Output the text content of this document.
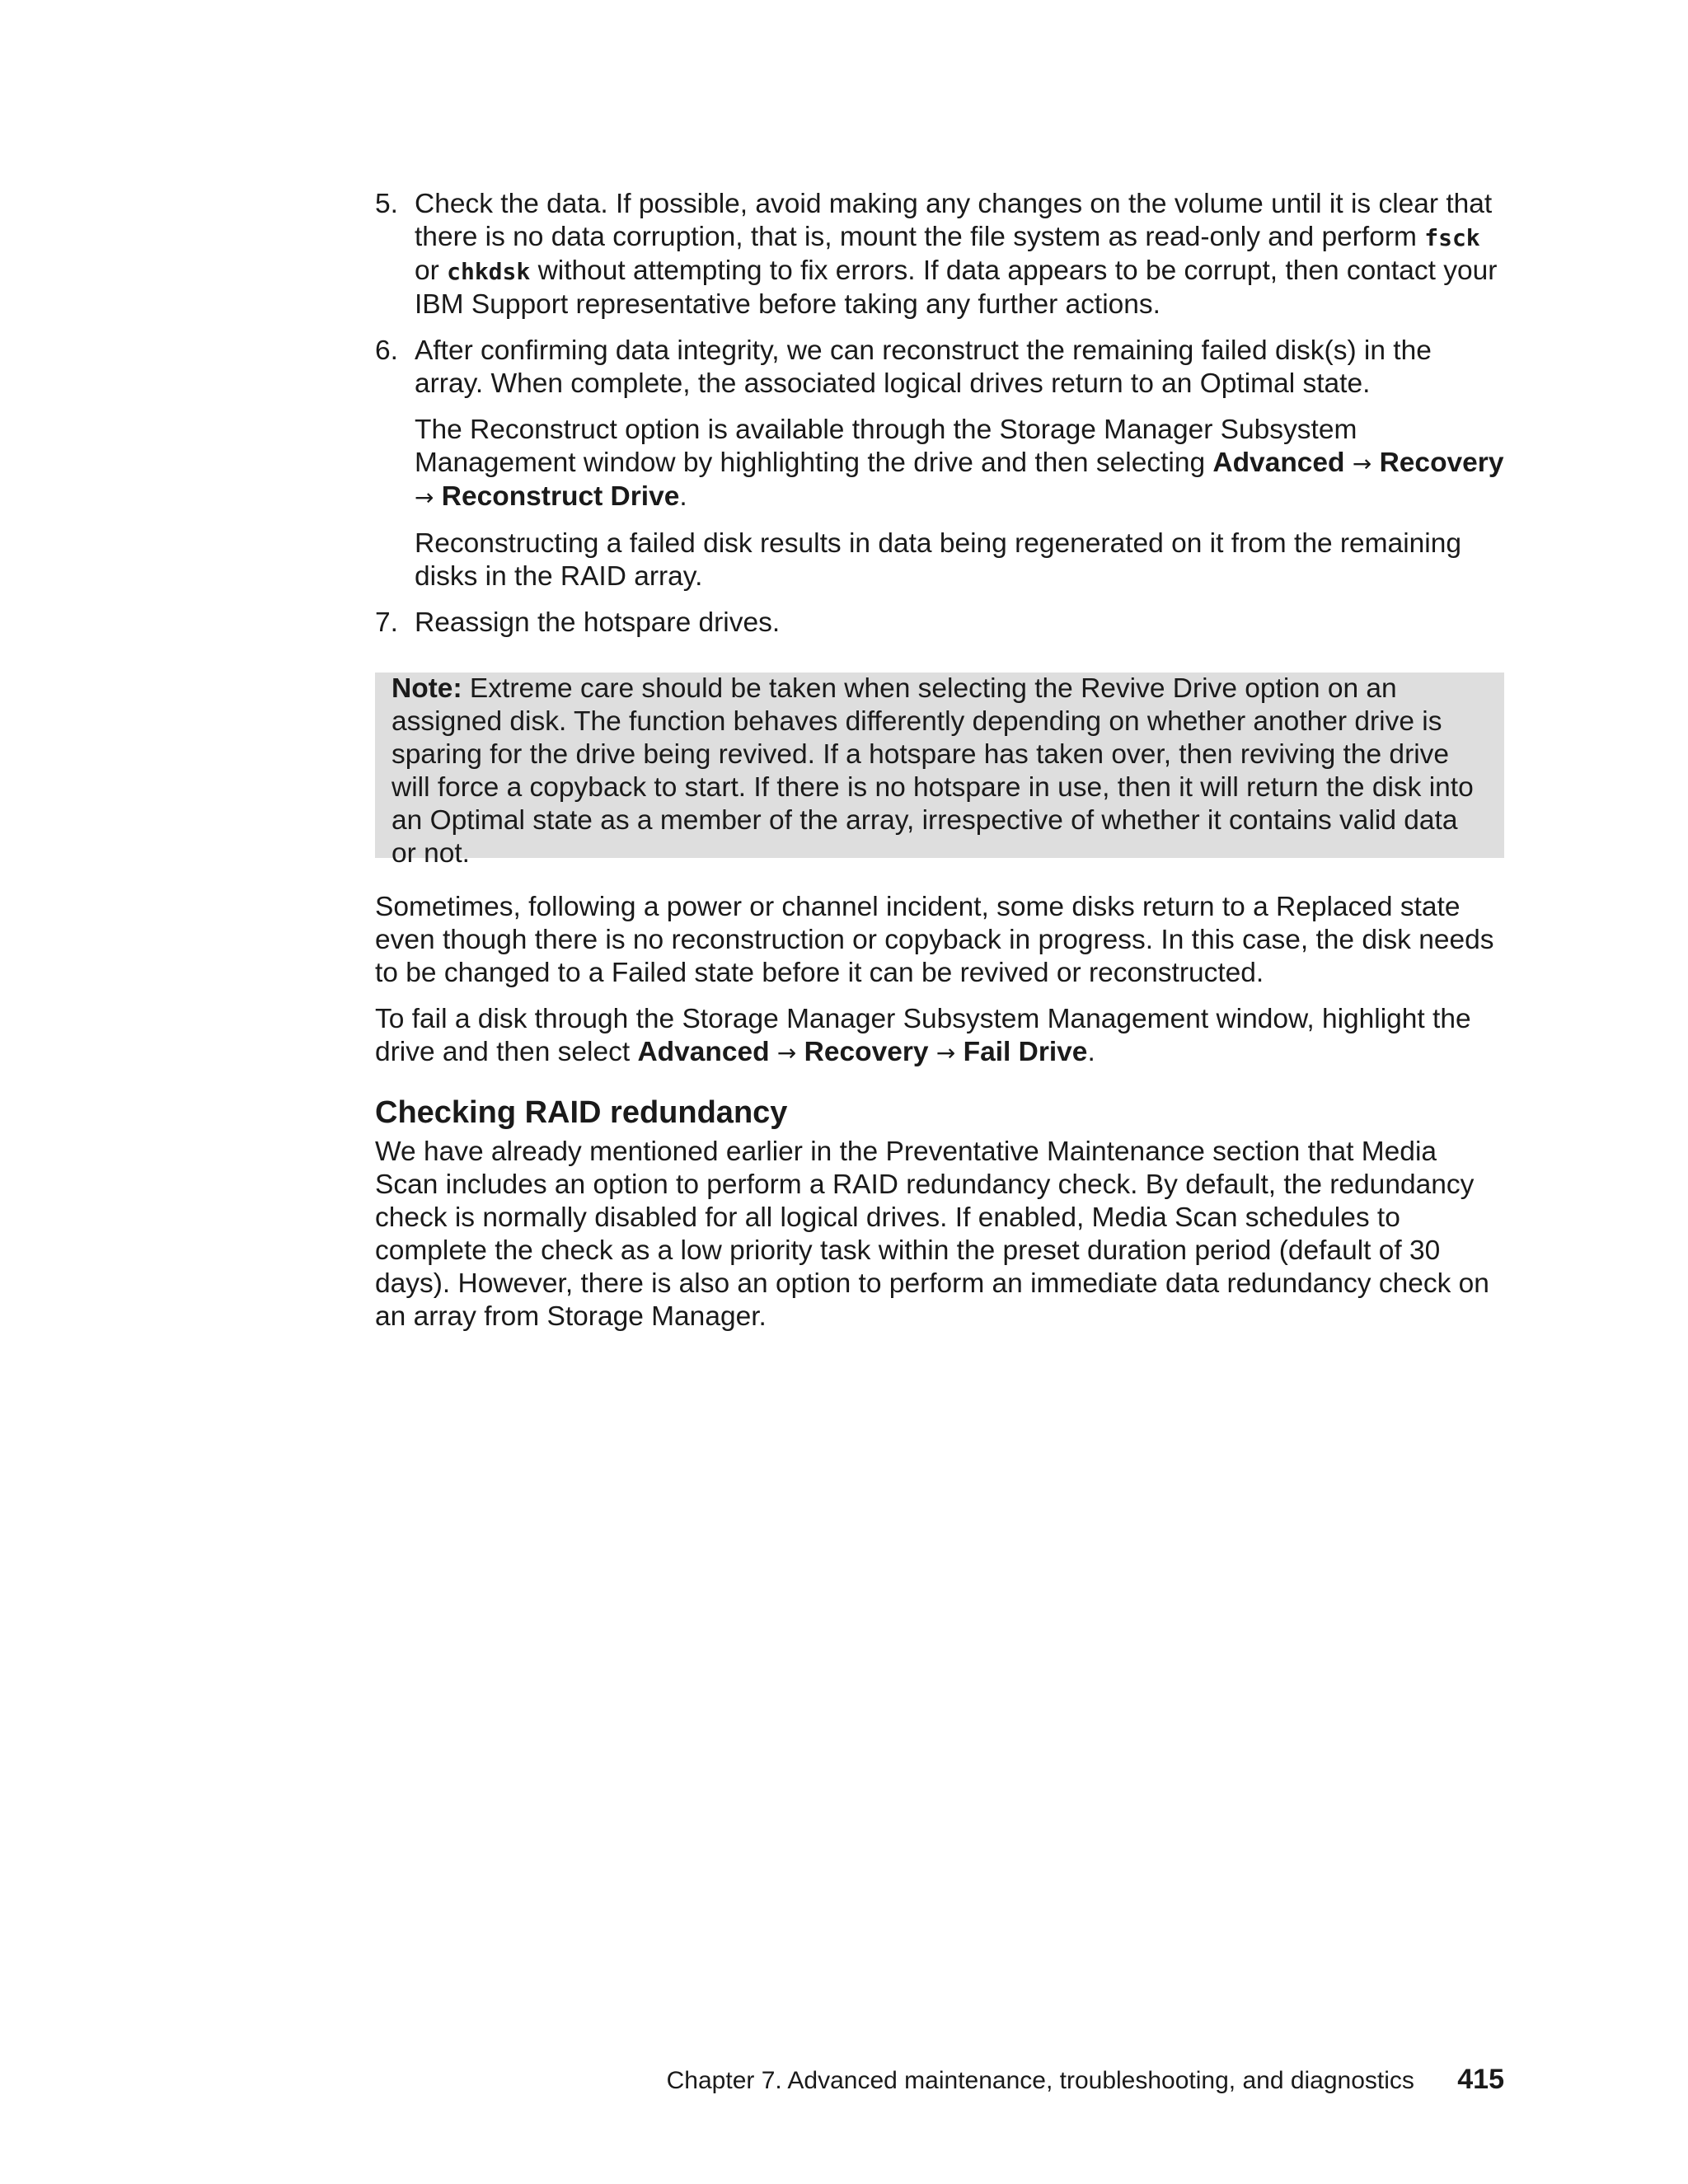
5. Check the data. If possible, avoid making any changes on the volume until it is clear that there is no data corruption, that is, mount the file system as read-only and perform fsck or chkdsk without attempting to fix errors. If data appears to be corrupt, then contact your IBM Support representative before taking any further actions.

6. After confirming data integrity, we can reconstruct the remaining failed disk(s) in the array. When complete, the associated logical drives return to an Optimal state.

The Reconstruct option is available through the Storage Manager Subsystem Management window by highlighting the drive and then selecting Advanced → Recovery → Reconstruct Drive.

Reconstructing a failed disk results in data being regenerated on it from the remaining disks in the RAID array.

7. Reassign the hotspare drives.

Note: Extreme care should be taken when selecting the Revive Drive option on an assigned disk. The function behaves differently depending on whether another drive is sparing for the drive being revived. If a hotspare has taken over, then reviving the drive will force a copyback to start. If there is no hotspare in use, then it will return the disk into an Optimal state as a member of the array, irrespective of whether it contains valid data or not.

Sometimes, following a power or channel incident, some disks return to a Replaced state even though there is no reconstruction or copyback in progress. In this case, the disk needs to be changed to a Failed state before it can be revived or reconstructed.

To fail a disk through the Storage Manager Subsystem Management window, highlight the drive and then select Advanced → Recovery → Fail Drive.

Checking RAID redundancy

We have already mentioned earlier in the Preventative Maintenance section that Media Scan includes an option to perform a RAID redundancy check. By default, the redundancy check is normally disabled for all logical drives. If enabled, Media Scan schedules to complete the check as a low priority task within the preset duration period (default of 30 days). However, there is also an option to perform an immediate data redundancy check on an array from Storage Manager.

Chapter 7. Advanced maintenance, troubleshooting, and diagnostics 415
